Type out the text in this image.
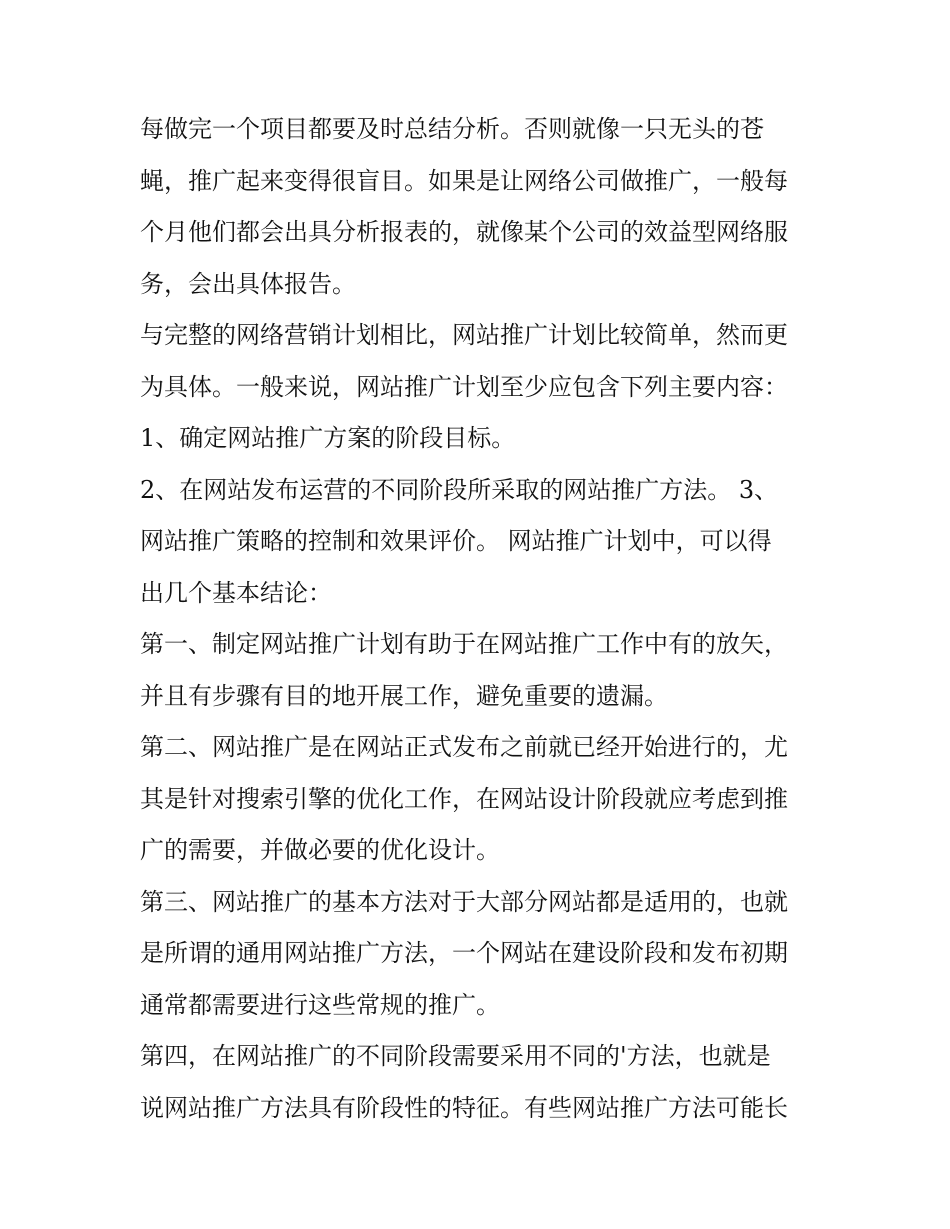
每做完一个项目都要及时总结分析。否则就像一只无头的苍
蝇，推广起来变得很盲目。如果是让网络公司做推广，一般每
个月他们都会出具分析报表的，就像某个公司的效益型网络服
务，会出具体报告。
与完整的网络营销计划相比，网站推广计划比较简单，然而更
为具体。一般来说，网站推广计划至少应包含下列主要内容：
1、确定网站推广方案的阶段目标。
2、在网站发布运营的不同阶段所采取的网站推广方法。 3、
网站推广策略的控制和效果评价。 网站推广计划中，可以得
出几个基本结论：
第一、制定网站推广计划有助于在网站推广工作中有的放矢，
并且有步骤有目的地开展工作，避免重要的遗漏。
第二、网站推广是在网站正式发布之前就已经开始进行的，尤
其是针对搜索引擎的优化工作，在网站设计阶段就应考虑到推
广的需要，并做必要的优化设计。
第三、网站推广的基本方法对于大部分网站都是适用的，也就
是所谓的通用网站推广方法，一个网站在建设阶段和发布初期
通常都需要进行这些常规的推广。
第四，在网站推广的不同阶段需要采用不同的'方法，也就是
说网站推广方法具有阶段性的特征。有些网站推广方法可能长
